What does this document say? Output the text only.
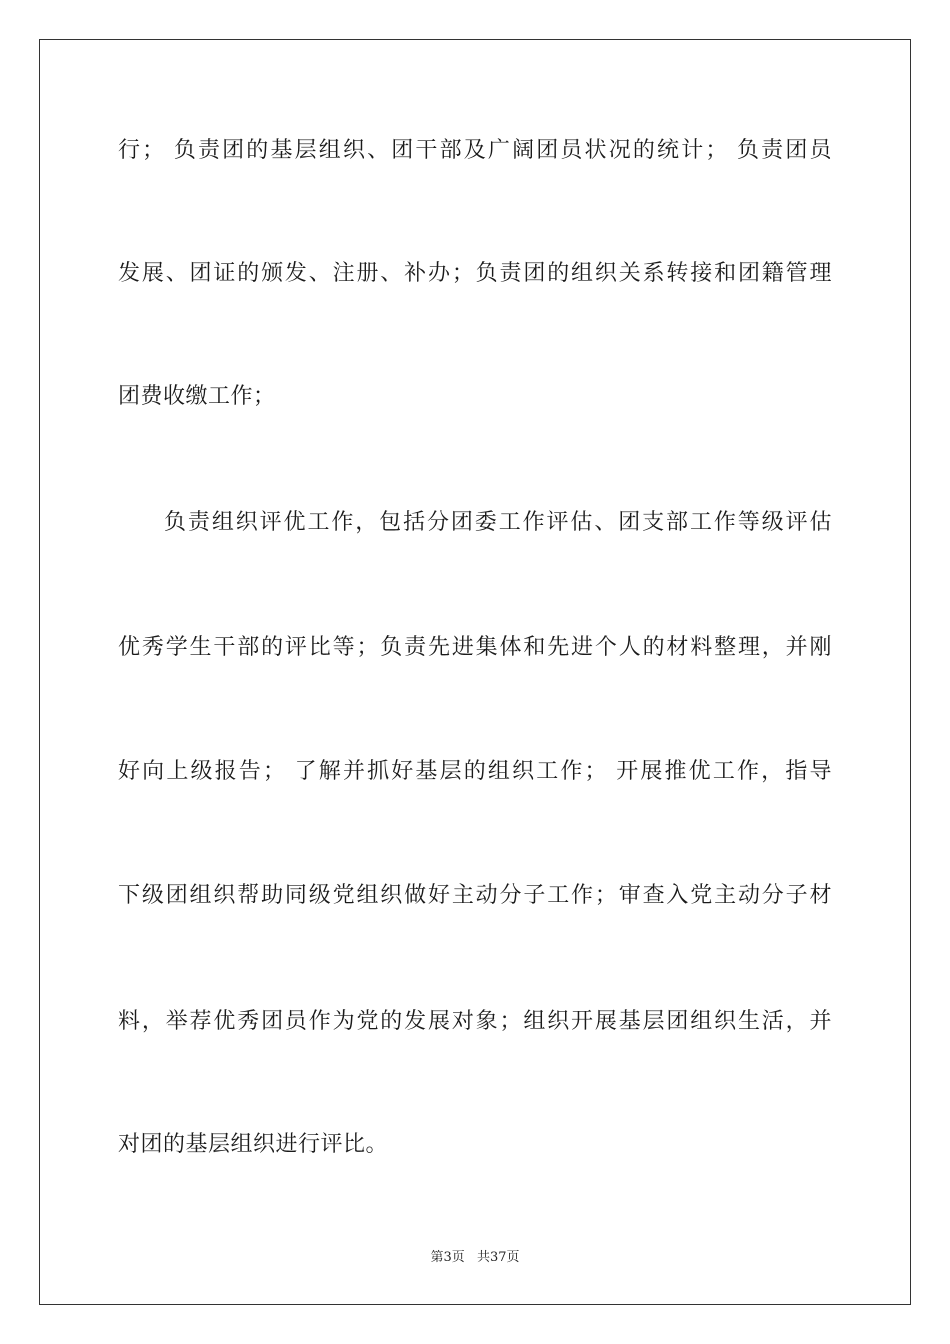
行； 负责团的基层组织、团干部及广阔团员状况的统计； 负责团员
发展、团证的颁发、注册、补办；负责团的组织关系转接和团籍管理
团费收缴工作；
负责组织评优工作，包括分团委工作评估、团支部工作等级评估
优秀学生干部的评比等；负责先进集体和先进个人的材料整理，并刚
好向上级报告； 了解并抓好基层的组织工作； 开展推优工作，指导
下级团组织帮助同级党组织做好主动分子工作；审查入党主动分子材
料，举荐优秀团员作为党的发展对象；组织开展基层团组织生活，并
对团的基层组织进行评比。
第3页 共37页
